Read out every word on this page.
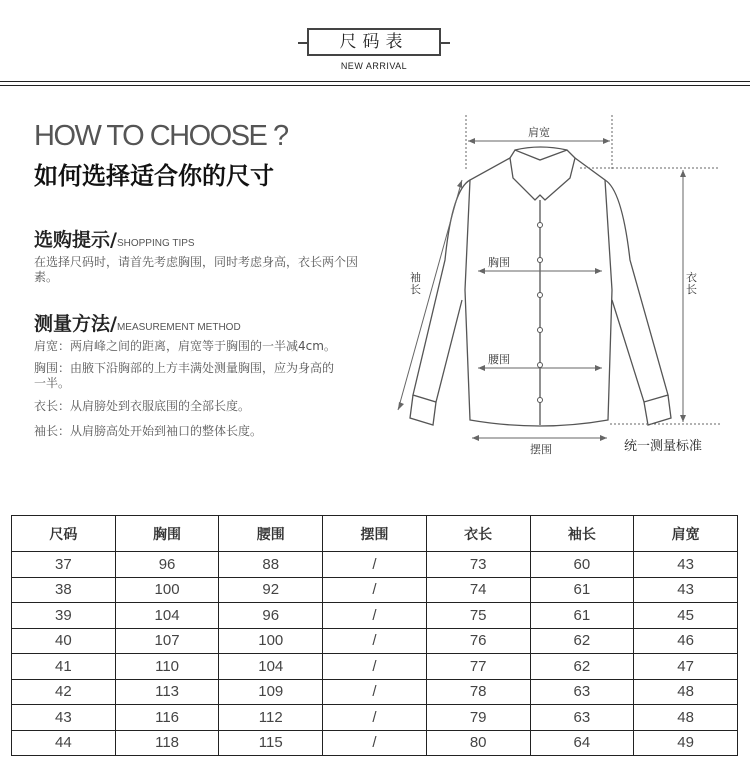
尺码表
NEW ARRIVAL
HOW TO CHOOSE ?
如何选择适合你的尺寸
选购提示/SHOPPING TIPS
在选择尺码时，请首先考虑胸围，同时考虑身高，衣长两个因素。
测量方法/MEASUREMENT METHOD
肩宽：两肩峰之间的距离，肩宽等于胸围的一半减4cm。
胸围：由腋下沿胸部的上方丰满处测量胸围，应为身高的一半。
衣长：从肩膀处到衣服底围的全部长度。
袖长：从肩膀高处开始到袖口的整体长度。
肩宽
胸围
腰围
摆围
袖长
衣长
统一测量标准
尺码	胸围	腰围	摆围	衣长	袖长	肩宽
37	96	88	/	73	60	43
38	100	92	/	74	61	43
39	104	96	/	75	61	45
40	107	100	/	76	62	46
41	110	104	/	77	62	47
42	113	109	/	78	63	48
43	116	112	/	79	63	48
44	118	115	/	80	64	49
